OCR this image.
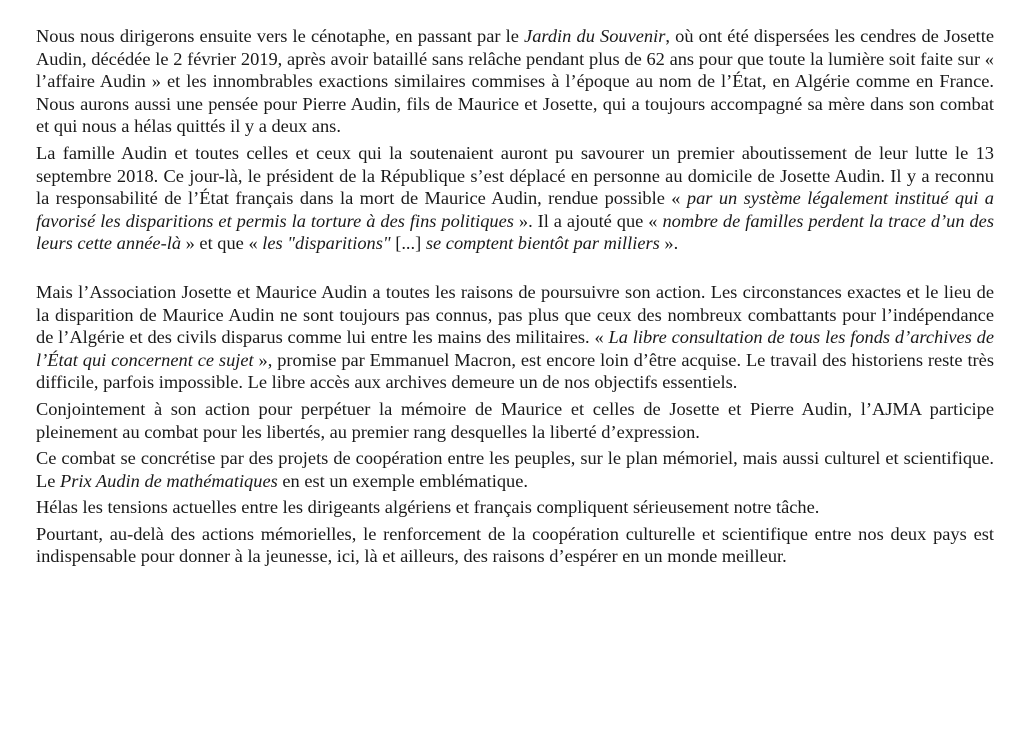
Nous nous dirigerons ensuite vers le cénotaphe, en passant par le Jardin du Souvenir, où ont été dispersées les cendres de Josette Audin, décédée le 2 février 2019, après avoir bataillé sans relâche pendant plus de 62 ans pour que toute la lumière soit faite sur « l’affaire Audin » et les innombrables exactions similaires commises à l’époque au nom de l’État, en Algérie comme en France. Nous aurons aussi une pensée pour Pierre Audin, fils de Maurice et Josette, qui a toujours accompagné sa mère dans son combat et qui nous a hélas quittés il y a deux ans.

La famille Audin et toutes celles et ceux qui la soutenaient auront pu savourer un premier aboutissement de leur lutte le 13 septembre 2018. Ce jour-là, le président de la République s’est déplacé en personne au domicile de Josette Audin. Il y a reconnu la responsabilité de l’État français dans la mort de Maurice Audin, rendue possible « par un système légalement institué qui a favorisé les disparitions et permis la torture à des fins politiques ». Il a ajouté que « nombre de familles perdent la trace d’un des leurs cette année-là » et que « les "disparitions" [...] se comptent bientôt par milliers ».

Mais l’Association Josette et Maurice Audin a toutes les raisons de poursuivre son action. Les circonstances exactes et le lieu de la disparition de Maurice Audin ne sont toujours pas connus, pas plus que ceux des nombreux combattants pour l’indépendance de l’Algérie et des civils disparus comme lui entre les mains des militaires. « La libre consultation de tous les fonds d’archives de l’État qui concernent ce sujet », promise par Emmanuel Macron, est encore loin d’être acquise. Le travail des historiens reste très difficile, parfois impossible. Le libre accès aux archives demeure un de nos objectifs essentiels.

Conjointement à son action pour perpétuer la mémoire de Maurice et celles de Josette et Pierre Audin, l’AJMA participe pleinement au combat pour les libertés, au premier rang desquelles la liberté d’expression.

Ce combat se concrétise par des projets de coopération entre les peuples, sur le plan mémoriel, mais aussi culturel et scientifique. Le Prix Audin de mathématiques en est un exemple emblématique.

Hélas les tensions actuelles entre les dirigeants algériens et français compliquent sérieusement notre tâche.

Pourtant, au-delà des actions mémorielles, le renforcement de la coopération culturelle et scientifique entre nos deux pays est indispensable pour donner à la jeunesse, ici, là et ailleurs, des raisons d’espérer en un monde meilleur.
